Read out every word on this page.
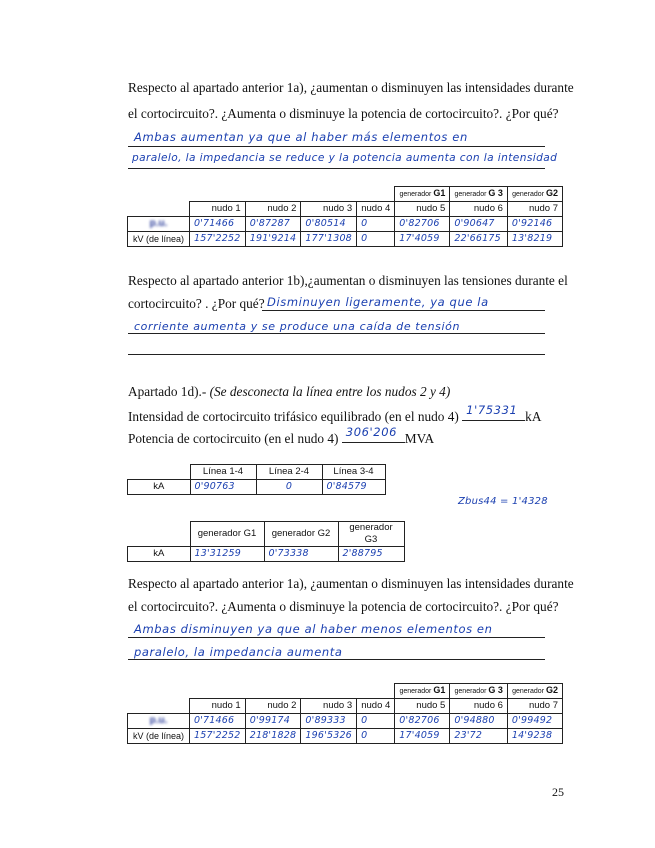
Respecto al apartado anterior 1a), ¿aumentan o disminuyen las intensidades durante
el cortocircuito?. ¿Aumenta o disminuye la potencia de cortocircuito?. ¿Por qué?
Ambas aumentan ya que al haber más elementos en
paralelo, la impedancia se reduce y la potencia aumenta con la intensidad
					generador G1	generador G 3	generador G2
	nudo 1	nudo 2	nudo 3	nudo 4	nudo 5	nudo 6	nudo 7
p.u.	0'71466	0'87287	0'80514	0	0'82706	0'90647	0'92146
kV (de línea)	157'2252	191'9214	177'1308	0	17'4059	22'66175	13'8219
Respecto al apartado anterior 1b),¿aumentan o disminuyen las tensiones durante el
cortocircuito? . ¿Por qué? Disminuyen ligeramente, ya que la
corriente aumenta y se produce una caída de tensión
Apartado 1d).- (Se desconecta la línea entre los nudos 2 y 4)
Intensidad de cortocircuito trifásico equilibrado (en el nudo 4) 1'75331 kA
Potencia de cortocircuito (en el nudo 4) 306'206 MVA
	Línea 1-4	Línea 2-4	Línea 3-4
kA	0'90763	0	0'84579
Zbus44 = 1'4328
	generador G1	generador G2	generador G3
kA	13'31259	0'73338	2'88795
Respecto al apartado anterior 1a), ¿aumentan o disminuyen las intensidades durante
el cortocircuito?. ¿Aumenta o disminuye la potencia de cortocircuito?. ¿Por qué?
Ambas disminuyen ya que al haber menos elementos en
paralelo, la impedancia aumenta
					generador G1	generador G 3	generador G2
	nudo 1	nudo 2	nudo 3	nudo 4	nudo 5	nudo 6	nudo 7
p.u.	0'71466	0'99174	0'89333	0	0'82706	0'94880	0'99492
kV (de línea)	157'2252	218'1828	196'5326	0	17'4059	23'72	14'9238
25
